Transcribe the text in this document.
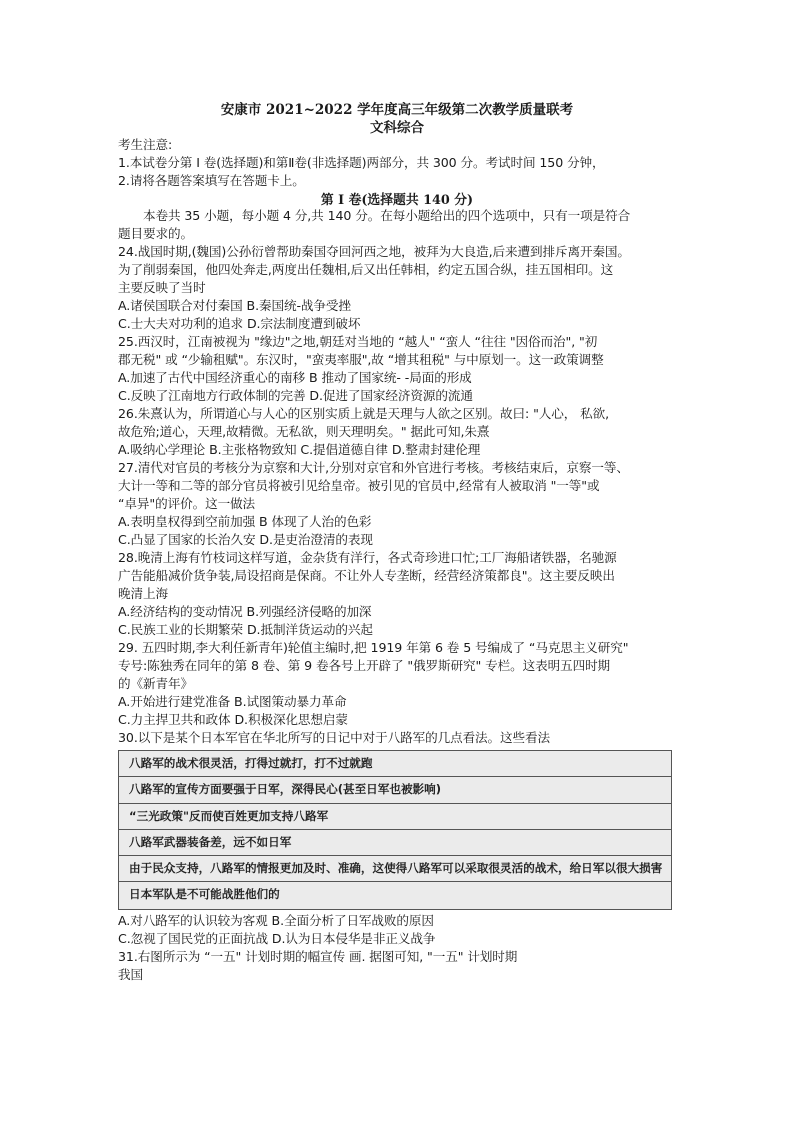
安康市 2021~2022 学年度高三年级第二次教学质量联考
文科综合
考生注意:
1.本试卷分第 I 卷(选择题)和第Ⅱ卷(非选择题)两部分，共 300 分。考试时间 150 分钟，
2.请将各题答案填写在答题卡上。
第 I 卷(选择题共 140 分)
　　本卷共 35 小题，每小题 4 分,共 140 分。在每小题给出的四个选项中，只有一项是符合
题目要求的。
24.战国时期,(魏国)公孙衍曾帮助秦国夺回河西之地，被拜为大良造,后来遭到排斥离开秦国。
为了削弱秦国，他四处奔走,两度出任魏相,后又出任韩相，约定五国合纵，挂五国相印。这
主要反映了当时
A.诸侯国联合对付秦国 B.秦国统-战争受挫
C.士大夫对功利的追求 D.宗法制度遭到破坏
25.西汉时，江南被视为 "缘边"之地,朝廷对当地的 “越人" “蛮人 “往往 "因俗而治", "初
郡无税" 或 “少输租赋"。东汉时，"蛮夷率服",故 “增其租税" 与中原划一。这一政策调整
A.加速了古代中国经济重心的南移 B 推动了国家统- -局面的形成
C.反映了江南地方行政体制的完善 D.促进了国家经济资源的流通
26.朱熹认为，所谓道心与人心的区别实质上就是天理与人欲之区别。故曰: "人心， 私欲,
故危殆;道心，天理,故精微。无私欲，则天理明矣。" 据此可知,朱熹
A.吸纳心学理论 B.主张格物致知 C.提倡道德自律 D.整肃封建伦理
27.清代对官员的考核分为京察和大计,分别对京官和外官进行考核。考核结束后，京察一等、
大计一等和二等的部分官员将被引见给皇帝。被引见的官员中,经常有人被取消 "一等"或
“卓异"的评价。这一做法
A.表明皇权得到空前加强 B 体现了人治的色彩
C.凸显了国家的长治久安 D.是吏治澄清的表现
28.晚清上海有竹枝词这样写道，金杂货有洋行，各式奇珍进口忙;工厂海船诸铁器，名驰源
广告能船减价货争装,局设招商是保商。不让外人专垄断，经营经济策都良"。这主要反映出
晚清上海
A.经济结构的变动情况 B.列强经济侵略的加深
C.民族工业的长期繁荣 D.抵制洋货运动的兴起
29. 五四时期,李大利任新青年)轮值主编时,把 1919 年第 6 卷 5 号编成了 “马克思主义研究"
专号:陈独秀在同年的第 8 卷、第 9 卷各号上开辟了 "俄罗斯研究" 专栏。这表明五四时期
的《新青年》
A.开始进行建党准备 B.试图策动暴力革命
C.力主捍卫共和政体 D.积极深化思想启蒙
30.以下是某个日本军官在华北所写的日记中对于八路军的几点看法。这些看法
八路军的战术很灵活，打得过就打，打不过就跑
八路军的宣传方面要强于日军，深得民心(甚至日军也被影响)
“三光政策"反而使百姓更加支持八路军
八路军武器装备差，远不如日军
由于民众支持，八路军的情报更加及时、准确，这使得八路军可以采取很灵活的战术，给日军以很大损害
日本军队是不可能战胜他们的
A.对八路军的认识较为客观 B.全面分析了日军战败的原因
C.忽视了国民党的正面抗战 D.认为日本侵华是非正义战争
31.右图所示为 “一五" 计划时期的幅宣传 画. 据图可知, "一五" 计划时期
我国
